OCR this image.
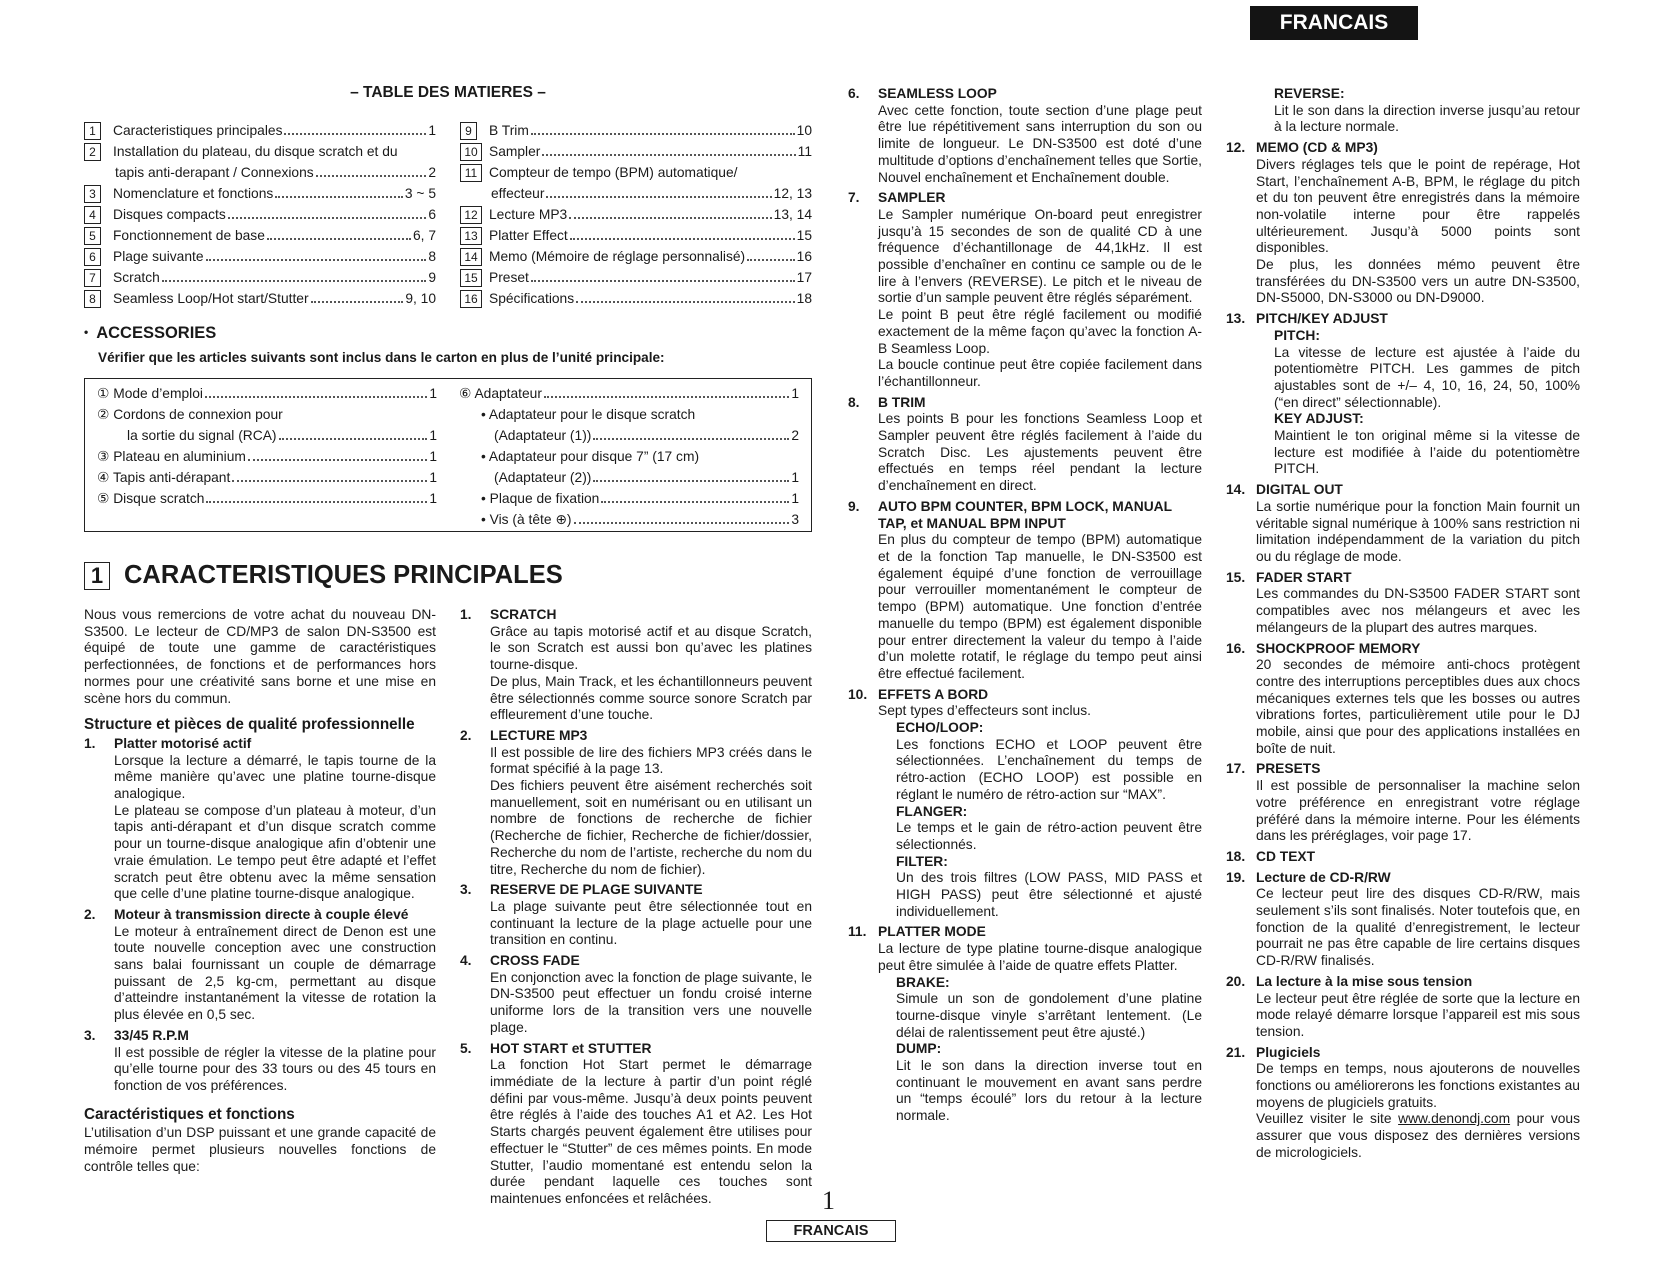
FRANCAIS
– TABLE DES MATIERES –
1	Caracteristiques principales	1
2	Installation du plateau, du disque scratch et du
tapis anti-derapant / Connexions	2
3	Nomenclature et fonctions	3 ~ 5
4	Disques compacts	6
5	Fonctionnement de base	6, 7
6	Plage suivante	8
7	Scratch	9
8	Seamless Loop/Hot start/Stutter	9, 10
9	B Trim	10
10 Sampler	11
11 Compteur de tempo (BPM) automatique/
effecteur	12, 13
12 Lecture MP3	13, 14
13 Platter Effect	15
14 Memo (Mémoire de réglage personnalisé)	16
15 Preset	17
16 Spécifications	18
• ACCESSORIES
Vérifier que les articles suivants sont inclus dans le carton en plus de l’unité principale:
① Mode d’emploi	1
② Cordons de connexion pour
la sortie du signal (RCA)	1
③ Plateau en aluminium	1
④ Tapis anti-dérapant	1
⑤ Disque scratch	1
⑥ Adaptateur	1
• Adaptateur pour le disque scratch
(Adaptateur (1))	2
• Adaptateur pour disque 7” (17 cm)
(Adaptateur (2))	1
• Plaque de fixation	1
• Vis (à tête ⊕)	3
1 CARACTERISTIQUES PRINCIPALES

Nous vous remercions de votre achat du nouveau DN-S3500. Le lecteur de CD/MP3 de salon DN-S3500 est équipé de toute une gamme de caractéristiques perfectionnées, de fonctions et de performances hors normes pour une créativité sans borne et une mise en scène hors du commun.

Structure et pièces de qualité professionnelle
1. Platter motorisé actif

Lorsque la lecture a démarré, le tapis tourne de la même manière qu’avec une platine tourne-disque analogique.

Le plateau se compose d’un plateau à moteur, d’un tapis anti-dérapant et d’un disque scratch comme pour un tourne-disque analogique afin d’obtenir une vraie émulation. Le tempo peut être adapté et l’effet scratch peut être obtenu avec la même sensation que celle d’une platine tourne-disque analogique.

2. Moteur à transmission directe à couple élevé

Le moteur à entraînement direct de Denon est une toute nouvelle conception avec une construction sans balai fournissant un couple de démarrage puissant de 2,5 kg-cm, permettant au disque d’atteindre instantanément la vitesse de rotation la plus élevée en 0,5 sec.

3. 33/45 R.P.M

Il est possible de régler la vitesse de la platine pour qu’elle tourne pour des 33 tours ou des 45 tours en fonction de vos préférences.

Caractéristiques et fonctions

L’utilisation d’un DSP puissant et une grande capacité de mémoire permet plusieurs nouvelles fonctions de contrôle telles que:

1. SCRATCH

Grâce au tapis motorisé actif et au disque Scratch, le son Scratch est aussi bon qu’avec les platines tourne-disque.

De plus, Main Track, et les échantillonneurs peuvent être sélectionnés comme source sonore Scratch par effleurement d’une touche.

2. LECTURE MP3

Il est possible de lire des fichiers MP3 créés dans le format spécifié à la page 13.

Des fichiers peuvent être aisément recherchés soit manuellement, soit en numérisant ou en utilisant un nombre de fonctions de recherche de fichier (Recherche de fichier, Recherche de fichier/dossier, Recherche du nom de l’artiste, recherche du nom du titre, Recherche du nom de fichier).

3. RESERVE DE PLAGE SUIVANTE

La plage suivante peut être sélectionnée tout en continuant la lecture de la plage actuelle pour une transition en continu.

4. CROSS FADE

En conjonction avec la fonction de plage suivante, le DN-S3500 peut effectuer un fondu croisé interne uniforme lors de la transition vers une nouvelle plage.

5. HOT START et STUTTER

La fonction Hot Start permet le démarrage immédiate de la lecture à partir d’un point réglé défini par vous-même. Jusqu’à deux points peuvent être réglés à l’aide des touches A1 et A2. Les Hot Starts chargés peuvent également être utilises pour effectuer le “Stutter” de ces mêmes points. En mode Stutter, l’audio momentané est entendu selon la durée pendant laquelle ces touches sont maintenues enfoncées et relâchées.

6. SEAMLESS LOOP

Avec cette fonction, toute section d’une plage peut être lue répétitivement sans interruption du son ou limite de longueur. Le DN-S3500 est doté d’une multitude d’options d’enchaînement telles que Sortie, Nouvel enchaînement et Enchaînement double.

7. SAMPLER

Le Sampler numérique On-board peut enregistrer jusqu’à 15 secondes de son de qualité CD à une fréquence d’échantillonage de 44,1kHz. Il est possible d’enchaîner en continu ce sample ou de le lire à l’envers (REVERSE). Le pitch et le niveau de sortie d’un sample peuvent être réglés séparément.

Le point B peut être réglé facilement ou modifié exactement de la même façon qu’avec la fonction A-B Seamless Loop.

La boucle continue peut être copiée facilement dans l’échantillonneur.

8. B TRIM

Les points B pour les fonctions Seamless Loop et Sampler peuvent être réglés facilement à l’aide du Scratch Disc. Les ajustements peuvent être effectués en temps réel pendant la lecture d’enchaînement en direct.

9. AUTO BPM COUNTER, BPM LOCK, MANUAL TAP, et MANUAL BPM INPUT

En plus du compteur de tempo (BPM) automatique et de la fonction Tap manuelle, le DN-S3500 est également équipé d’une fonction de verrouillage pour verrouiller momentanément le compteur de tempo (BPM) automatique. Une fonction d’entrée manuelle du tempo (BPM) est également disponible pour entrer directement la valeur du tempo à l’aide d’un molette rotatif, le réglage du tempo peut ainsi être effectué facilement.

10. EFFETS A BORD

Sept types d’effecteurs sont inclus.

ECHO/LOOP:

Les fonctions ECHO et LOOP peuvent être sélectionnées. L’enchaînement du temps de rétro-action (ECHO LOOP) est possible en réglant le numéro de rétro-action sur “MAX”.

FLANGER:

Le temps et le gain de rétro-action peuvent être sélectionnés.

FILTER:

Un des trois filtres (LOW PASS, MID PASS et HIGH PASS) peut être sélectionné et ajusté individuellement.

11. PLATTER MODE

La lecture de type platine tourne-disque analogique peut être simulée à l’aide de quatre effets Platter.

BRAKE:

Simule un son de gondolement d’une platine tourne-disque vinyle s’arrêtant lentement. (Le délai de ralentissement peut être ajusté.)

DUMP:

Lit le son dans la direction inverse tout en continuant le mouvement en avant sans perdre un “temps écoulé” lors du retour à la lecture normale.

REVERSE:

Lit le son dans la direction inverse jusqu’au retour à la lecture normale.

12. MEMO (CD & MP3)

Divers réglages tels que le point de repérage, Hot Start, l’enchaînement A-B, BPM, le réglage du pitch et du ton peuvent être enregistrés dans la mémoire non-volatile interne pour être rappelés ultérieurement. Jusqu’à 5000 points sont disponibles.

De plus, les données mémo peuvent être transférées du DN-S3500 vers un autre DN-S3500, DN-S5000, DN-S3000 ou DN-D9000.

13. PITCH/KEY ADJUST
PITCH:

La vitesse de lecture est ajustée à l’aide du potentiomètre PITCH. Les gammes de pitch ajustables sont de +/– 4, 10, 16, 24, 50, 100% (“en direct” sélectionnable).

KEY ADJUST:

Maintient le ton original même si la vitesse de lecture est modifiée à l’aide du potentiomètre PITCH.

14. DIGITAL OUT

La sortie numérique pour la fonction Main fournit un véritable signal numérique à 100% sans restriction ni limitation indépendamment de la variation du pitch ou du réglage de mode.

15. FADER START

Les commandes du DN-S3500 FADER START sont compatibles avec nos mélangeurs et avec les mélangeurs de la plupart des autres marques.

16. SHOCKPROOF MEMORY

20 secondes de mémoire anti-chocs protègent contre des interruptions perceptibles dues aux chocs mécaniques externes tels que les bosses ou autres vibrations fortes, particulièrement utile pour le DJ mobile, ainsi que pour des applications installées en boîte de nuit.

17. PRESETS

Il est possible de personnaliser la machine selon votre préférence en enregistrant votre réglage préféré dans la mémoire interne. Pour les éléments dans les préréglages, voir page 17.

18. CD TEXT
19. Lecture de CD-R/RW

Ce lecteur peut lire des disques CD-R/RW, mais seulement s’ils sont finalisés. Noter toutefois que, en fonction de la qualité d’enregistrement, le lecteur pourrait ne pas être capable de lire certains disques CD-R/RW finalisés.

20. La lecture à la mise sous tension

Le lecteur peut être réglée de sorte que la lecture en mode relayé démarre lorsque l’appareil est mis sous tension.

21. Plugiciels

De temps en temps, nous ajouterons de nouvelles fonctions ou améliorerons les fonctions existantes au moyens de plugiciels gratuits.

Veuillez visiter le site www.denondj.com pour vous assurer que vous disposez des dernières versions de micrologiciels.

1
FRANCAIS
